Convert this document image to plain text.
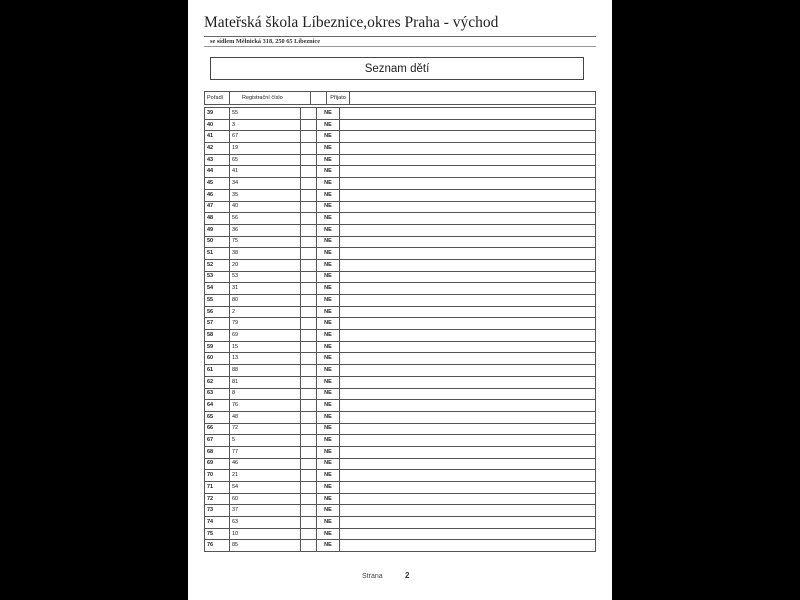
Mateřská škola Líbeznice,okres Praha - východ
se sídlem Mělnická 318, 250 65 Líbeznice
Seznam dětí
Pořadí	Registrační číslo		Přijato	
39	55		NE	
40	3		NE	
41	67		NE	
42	19		NE	
43	65		NE	
44	41		NE	
45	34		NE	
46	35		NE	
47	40		NE	
48	56		NE	
49	36		NE	
50	75		NE	
51	38		NE	
52	20		NE	
53	53		NE	
54	31		NE	
55	80		NE	
56	2		NE	
57	79		NE	
58	69		NE	
59	15		NE	
60	13		NE	
61	88		NE	
62	81		NE	
63	8		NE	
64	76		NE	
65	48		NE	
66	72		NE	
67	5		NE	
68	77		NE	
69	46		NE	
70	21		NE	
71	54		NE	
72	60		NE	
73	37		NE	
74	63		NE	
75	10		NE	
76	85		NE	
Strana	2
